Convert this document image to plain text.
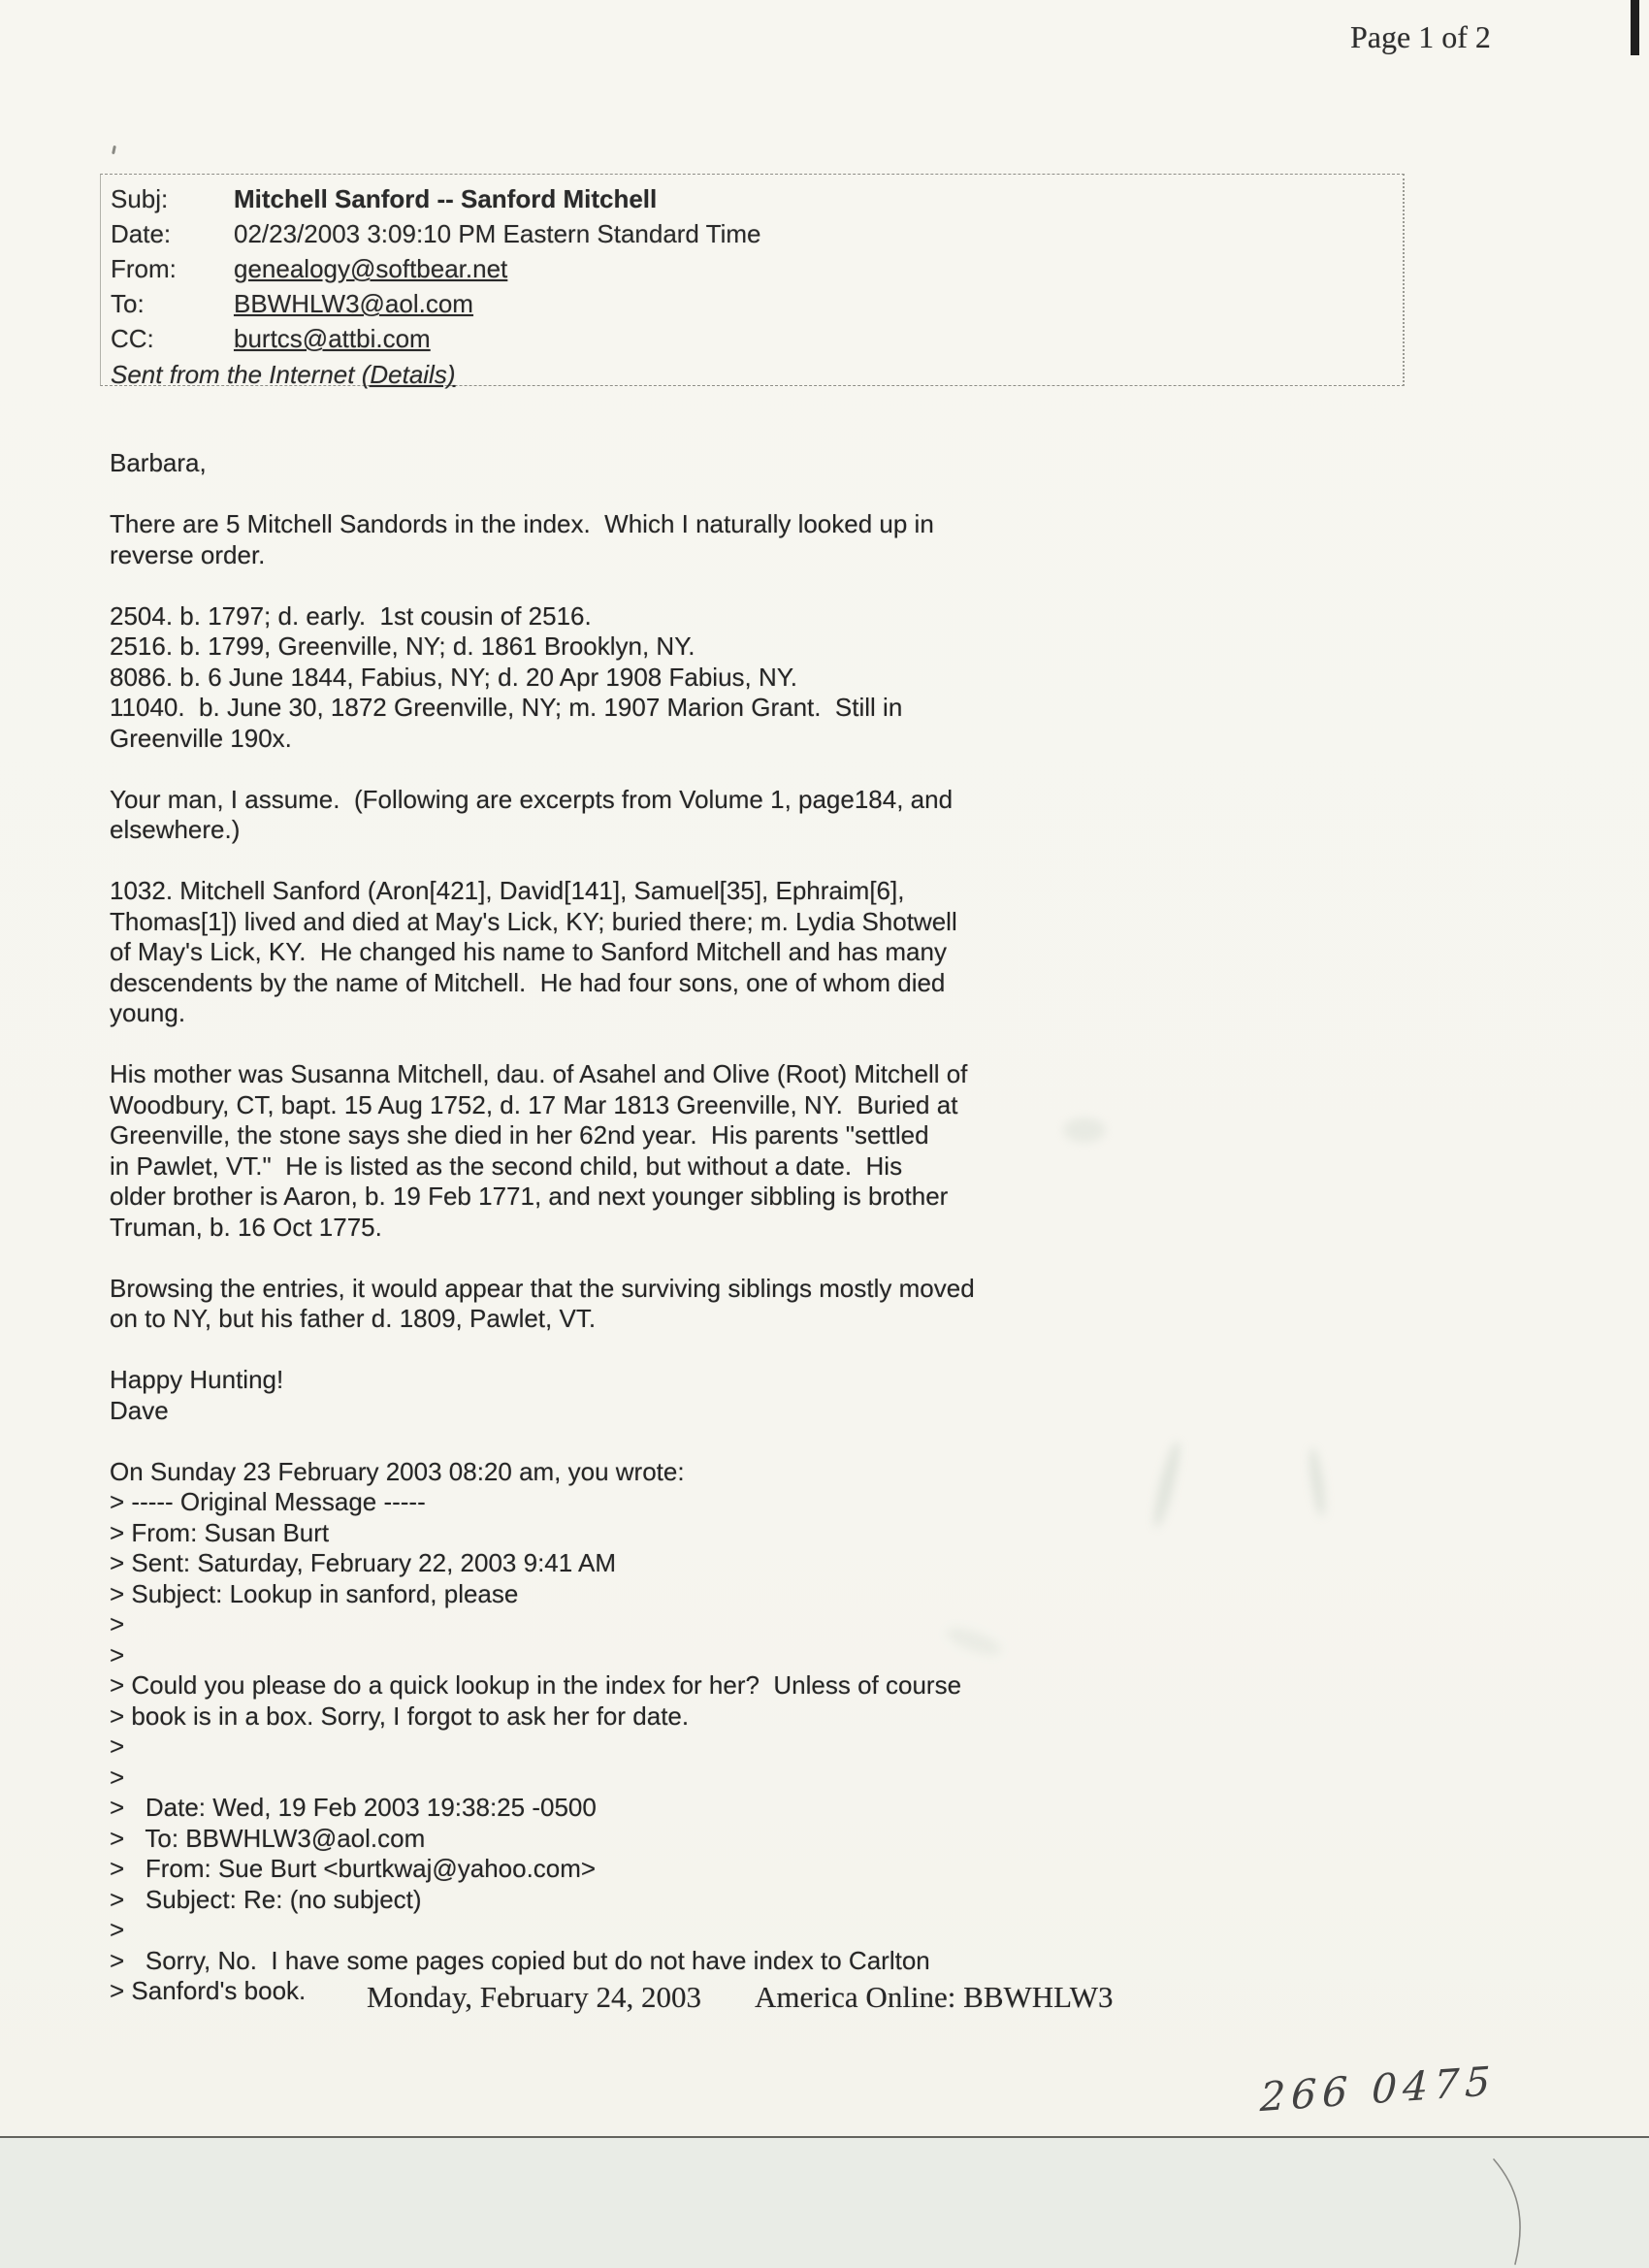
Page 1 of 2
Subj:	Mitchell Sanford -- Sanford Mitchell
Date:	02/23/2003 3:09:10 PM Eastern Standard Time
From:	genealogy@softbear.net
To:	BBWHLW3@aol.com
CC:	burtcs@attbi.com
Sent from the Internet (Details)
Barbara,

There are 5 Mitchell Sandords in the index.  Which I naturally looked up in
reverse order.

2504. b. 1797; d. early.  1st cousin of 2516.
2516. b. 1799, Greenville, NY; d. 1861 Brooklyn, NY.
8086. b. 6 June 1844, Fabius, NY; d. 20 Apr 1908 Fabius, NY.
11040.  b. June 30, 1872 Greenville, NY; m. 1907 Marion Grant.  Still in
Greenville 190x.

Your man, I assume.  (Following are excerpts from Volume 1, page184, and
elsewhere.)

1032. Mitchell Sanford (Aron[421], David[141], Samuel[35], Ephraim[6],
Thomas[1]) lived and died at May's Lick, KY; buried there; m. Lydia Shotwell
of May's Lick, KY.  He changed his name to Sanford Mitchell and has many
descendents by the name of Mitchell.  He had four sons, one of whom died
young.

His mother was Susanna Mitchell, dau. of Asahel and Olive (Root) Mitchell of
Woodbury, CT, bapt. 15 Aug 1752, d. 17 Mar 1813 Greenville, NY.  Buried at
Greenville, the stone says she died in her 62nd year.  His parents "settled
in Pawlet, VT."  He is listed as the second child, but without a date.  His
older brother is Aaron, b. 19 Feb 1771, and next younger sibbling is brother
Truman, b. 16 Oct 1775.

Browsing the entries, it would appear that the surviving siblings mostly moved
on to NY, but his father d. 1809, Pawlet, VT.

Happy Hunting!
Dave

On Sunday 23 February 2003 08:20 am, you wrote:
> ----- Original Message -----
> From: Susan Burt
> Sent: Saturday, February 22, 2003 9:41 AM
> Subject: Lookup in sanford, please
>
>
> Could you please do a quick lookup in the index for her?  Unless of course
> book is in a box. Sorry, I forgot to ask her for date.
>
>
>   Date: Wed, 19 Feb 2003 19:38:25 -0500
>   To: BBWHLW3@aol.com
>   From: Sue Burt <burtkwaj@yahoo.com>
>   Subject: Re: (no subject)
>
>   Sorry, No.  I have some pages copied but do not have index to Carlton
> Sanford's book.	Monday, February 24, 2003 America Online: BBWHLW3
266 0475
